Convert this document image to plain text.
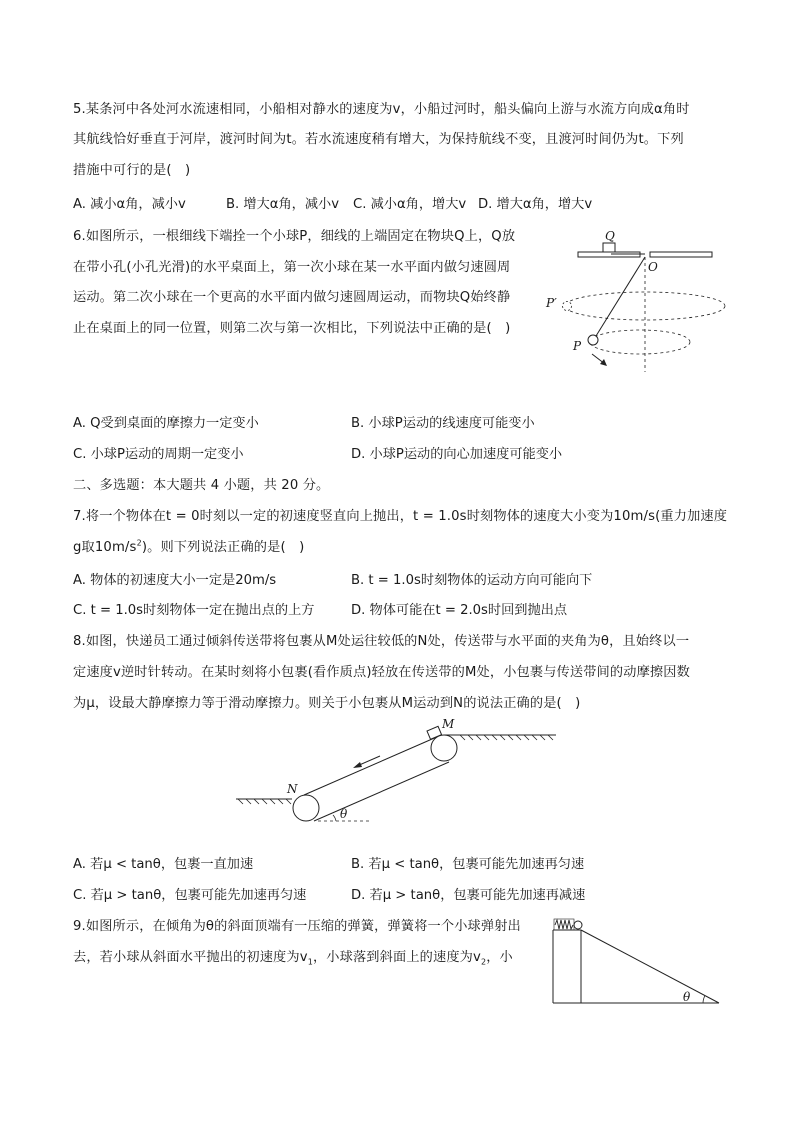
5.某条河中各处河水流速相同，小船相对静水的速度为v，小船过河时，船头偏向上游与水流方向成α角时
其航线恰好垂直于河岸，渡河时间为t。若水流速度稍有增大，为保持航线不变，且渡河时间仍为t。下列
措施中可行的是(　)
A. 减小α角，减小v	B. 增大α角，减小v C. 减小α角，增大v D. 增大α角，增大v
6.如图所示，一根细线下端拴一个小球P，细线的上端固定在物块Q上，Q放
在带小孔(小孔光滑)的水平桌面上，第一次小球在某一水平面内做匀速圆周
运动。第二次小球在一个更高的水平面内做匀速圆周运动，而物块Q始终静
止在桌面上的同一位置，则第二次与第一次相比，下列说法中正确的是(　)
Q
O
P′
P
A. Q受到桌面的摩擦力一定变小	B. 小球P运动的线速度可能变小
C. 小球P运动的周期一定变小	D. 小球P运动的向心加速度可能变小
二、多选题：本大题共 4 小题，共 20 分。
7.将一个物体在t = 0时刻以一定的初速度竖直向上抛出，t = 1.0s时刻物体的速度大小变为10m/s(重力加速度
g取$10m/s^2$)。则下列说法正确的是(　)
A. 物体的初速度大小一定是20m/s	B. t = 1.0s时刻物体的运动方向可能向下
C. t = 1.0s时刻物体一定在抛出点的上方	D. 物体可能在t = 2.0s时回到抛出点
8.如图，快递员工通过倾斜传送带将包裹从M处运往较低的N处，传送带与水平面的夹角为θ，且始终以一
定速度v逆时针转动。在某时刻将小包裹(看作质点)轻放在传送带的M处，小包裹与传送带间的动摩擦因数
为μ，设最大静摩擦力等于滑动摩擦力。则关于小包裹从M运动到N的说法正确的是(　)
M
N
θ
A. 若μ < tanθ，包裹一直加速	B. 若μ < tanθ，包裹可能先加速再匀速
C. 若μ > tanθ，包裹可能先加速再匀速	D. 若μ > tanθ，包裹可能先加速再减速
9.如图所示，在倾角为θ的斜面顶端有一压缩的弹簧，弹簧将一个小球弹射出
去，若小球从斜面水平抛出的初速度为$v_1$，小球落到斜面上的速度为$v_2$，小
θ
